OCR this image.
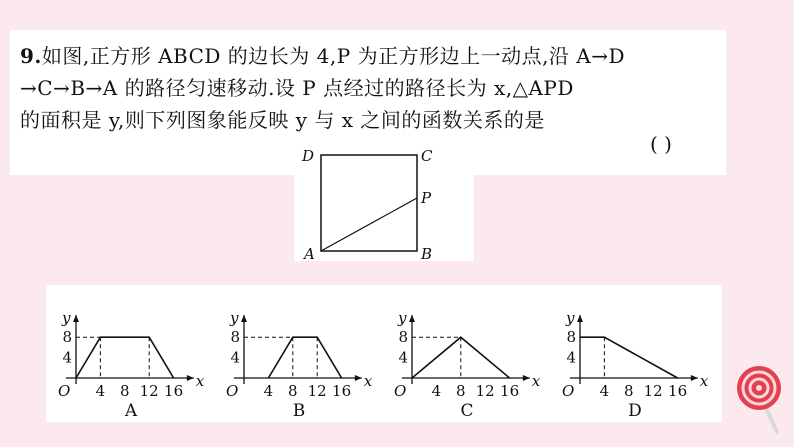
9.如图,正方形 ABCD 的边长为 4,P 为正方形边上一动点,沿 A→D
→C→B→A 的路径匀速移动.设 P 点经过的路径长为 x,△APD
的面积是 y,则下列图象能反映 y 与 x 之间的函数关系的是
( )
D	C
P
A	B
y
x
O 4 8 12 16
4
8
A
y
x
O 4 8 12 16
4
8
B
y
x
O 4 8 12 16
4
8
C
y
x
O 4 8 12 16
4
8
D
